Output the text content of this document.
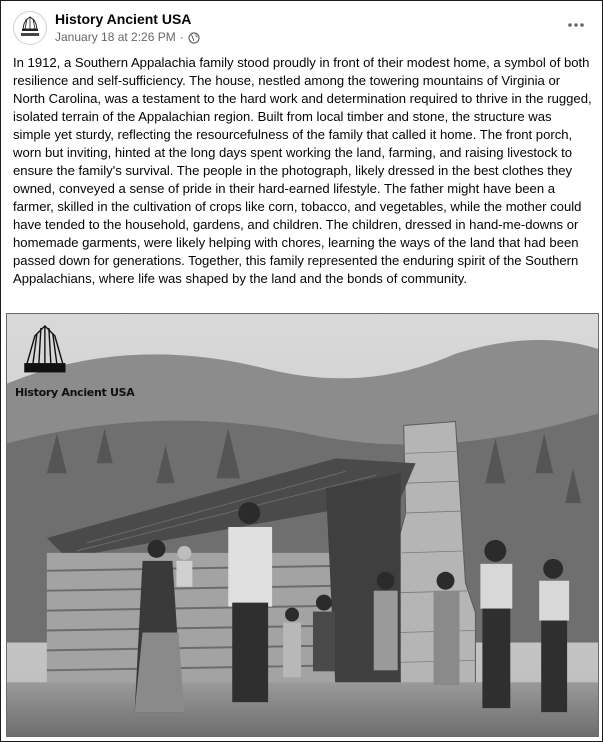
History Ancient USA
January 18 at 2:26 PM ·

In 1912, a Southern Appalachia family stood proudly in front of their modest home, a symbol of both resilience and self-sufficiency. The house, nestled among the towering mountains of Virginia or North Carolina, was a testament to the hard work and determination required to thrive in the rugged, isolated terrain of the Appalachian region. Built from local timber and stone, the structure was simple yet sturdy, reflecting the resourcefulness of the family that called it home. The front porch, worn but inviting, hinted at the long days spent working the land, farming, and raising livestock to ensure the family's survival. The people in the photograph, likely dressed in the best clothes they owned, conveyed a sense of pride in their hard-earned lifestyle. The father might have been a farmer, skilled in the cultivation of crops like corn, tobacco, and vegetables, while the mother could have tended to the household, gardens, and children. The children, dressed in hand-me-downs or homemade garments, were likely helping with chores, learning the ways of the land that had been passed down for generations. Together, this family represented the enduring spirit of the Southern Appalachians, where life was shaped by the land and the bonds of community.

History Ancient USA
